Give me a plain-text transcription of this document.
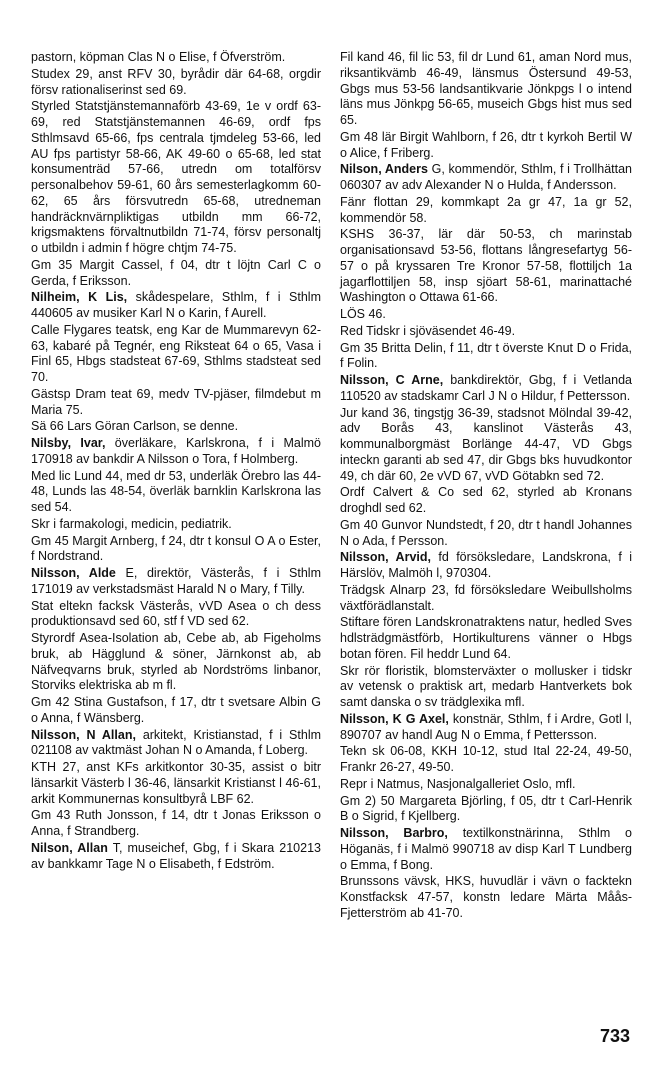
pastorn, köpman Clas N o Elise, f Öfverström.

Studex 29, anst RFV 30, byrådir där 64-68, orgdir försv rationaliserinst sed 69.

Styrled Statstjänstemannaförb 43-69, 1e v ordf 63-69, red Statstjänstemannen 46-69, ordf fps Sthlmsavd 65-66, fps centrala tjmdeleg 53-66, led AU fps partistyr 58-66, AK 49-60 o 65-68, led stat konsumenträd 57-66, utredn om totalförsv personalbehov 59-61, 60 års semesterlagkomm 60-62, 65 års försvutredn 65-68, utredneman handräcknvärnpliktigas utbildn mm 66-72, krigsmaktens förvaltnutbildn 71-74, försv personaltj o utbildn i admin f högre chtjm 74-75.

Gm 35 Margit Cassel, f 04, dtr t löjtn Carl C o Gerda, f Eriksson.

Nilheim, K Lis, skådespelare, Sthlm, f i Sthlm 440605 av musiker Karl N o Karin, f Aurell.

Calle Flygares teatsk, eng Kar de Mummarevyn 62-63, kabaré på Tegnér, eng Riksteat 64 o 65, Vasa i Finl 65, Hbgs stadsteat 67-69, Sthlms stadsteat sed 70.

Gästsp Dram teat 69, medv TV-pjäser, filmdebut m Maria 75.

Sä 66 Lars Göran Carlson, se denne.

Nilsby, Ivar, överläkare, Karlskrona, f i Malmö 170918 av bankdir A Nilsson o Tora, f Holmberg.

Med lic Lund 44, med dr 53, underläk Örebro las 44-48, Lunds las 48-54, överläk barnklin Karlskrona las sed 54.

Skr i farmakologi, medicin, pediatrik.

Gm 45 Margit Arnberg, f 24, dtr t konsul O A o Ester, f Nordstrand.

Nilsson, Alde E, direktör, Västerås, f i Sthlm 171019 av verkstadsmäst Harald N o Mary, f Tilly.

Stat eltekn facksk Västerås, vVD Asea o ch dess produktionsavd sed 60, stf f VD sed 62.

Styrordf Asea-Isolation ab, Cebe ab, ab Figeholms bruk, ab Hägglund & söner, Järnkonst ab, ab Näfveqvarns bruk, styrled ab Nordströms linbanor, Storviks elektriska ab m fl.

Gm 42 Stina Gustafson, f 17, dtr t svetsare Albin G o Anna, f Wänsberg.

Nilsson, N Allan, arkitekt, Kristianstad, f i Sthlm 021108 av vaktmäst Johan N o Amanda, f Loberg.

KTH 27, anst KFs arkitkontor 30-35, assist o bitr länsarkit Västerb l 36-46, länsarkit Kristianst l 46-61, arkit Kommunernas konsultbyrå LBF 62.

Gm 43 Ruth Jonsson, f 14, dtr t Jonas Eriksson o Anna, f Strandberg.

Nilson, Allan T, museichef, Gbg, f i Skara 210213 av bankkamr Tage N o Elisabeth, f Edström.

Fil kand 46, fil lic 53, fil dr Lund 61, aman Nord mus, riksantikvämb 46-49, länsmus Östersund 49-53, Gbgs mus 53-56 landsantikvarie Jönkpgs l o intend läns mus Jönkpg 56-65, museich Gbgs hist mus sed 65.

Gm 48 lär Birgit Wahlborn, f 26, dtr t kyrkoh Bertil W o Alice, f Friberg.

Nilson, Anders G, kommendör, Sthlm, f i Trollhättan 060307 av adv Alexander N o Hulda, f Andersson.

Fänr flottan 29, kommkapt 2a gr 47, 1a gr 52, kommendör 58.

KSHS 36-37, lär där 50-53, ch marinstab organisationsavd 53-56, flottans långresefartyg 56-57 o på kryssaren Tre Kronor 57-58, flottiljch 1a jagarflottiljen 58, insp sjöart 58-61, marinattaché Washington o Ottawa 61-66.

LÖS 46.

Red Tidskr i sjöväsendet 46-49.

Gm 35 Britta Delin, f 11, dtr t överste Knut D o Frida, f Folin.

Nilsson, C Arne, bankdirektör, Gbg, f i Vetlanda 110520 av stadskamr Carl J N o Hildur, f Pettersson.

Jur kand 36, tingstjg 36-39, stadsnot Mölndal 39-42, adv Borås 43, kanslinot Västerås 43, kommunalborgmäst Borlänge 44-47, VD Gbgs inteckn garanti ab sed 47, dir Gbgs bks huvudkontor 49, ch där 60, 2e vVD 67, vVD Götabkn sed 72.

Ordf Calvert & Co sed 62, styrled ab Kronans droghdl sed 62.

Gm 40 Gunvor Nundstedt, f 20, dtr t handl Johannes N o Ada, f Persson.

Nilsson, Arvid, fd försöksledare, Landskrona, f i Härslöv, Malmöh l, 970304.

Trädgsk Alnarp 23, fd försöksledare Weibullsholms växtförädlanstalt.

Stiftare fören Landskronatraktens natur, hedled Sves hdlsträdgmästförb, Hortikulturens vänner o Hbgs botan fören. Fil heddr Lund 64.

Skr rör floristik, blomsterväxter o mollusker i tidskr av vetensk o praktisk art, medarb Hantverkets bok samt danska o sv trädglexika mfl.

Nilsson, K G Axel, konstnär, Sthlm, f i Ardre, Gotl l, 890707 av handl Aug N o Emma, f Pettersson.

Tekn sk 06-08, KKH 10-12, stud Ital 22-24, 49-50, Frankr 26-27, 49-50.

Repr i Natmus, Nasjonalgalleriet Oslo, mfl.

Gm 2) 50 Margareta Björling, f 05, dtr t Carl-Henrik B o Sigrid, f Kjellberg.

Nilsson, Barbro, textilkonstnärinna, Sthlm o Höganäs, f i Malmö 990718 av disp Karl T Lundberg o Emma, f Bong.

Brunssons vävsk, HKS, huvudlär i vävn o facktekn Konstfacksk 47-57, konstn ledare Märta Måås-Fjetterström ab 41-70.

733
